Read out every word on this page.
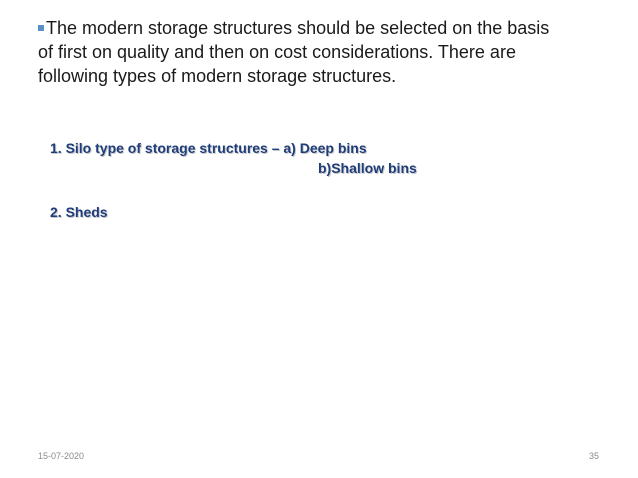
The modern storage structures should be selected on the basis
of first on quality and then on cost considerations. There are
following types of modern storage structures.
1. Silo type of storage structures – a) Deep bins
b)Shallow bins
2. Sheds
15-07-2020	35
